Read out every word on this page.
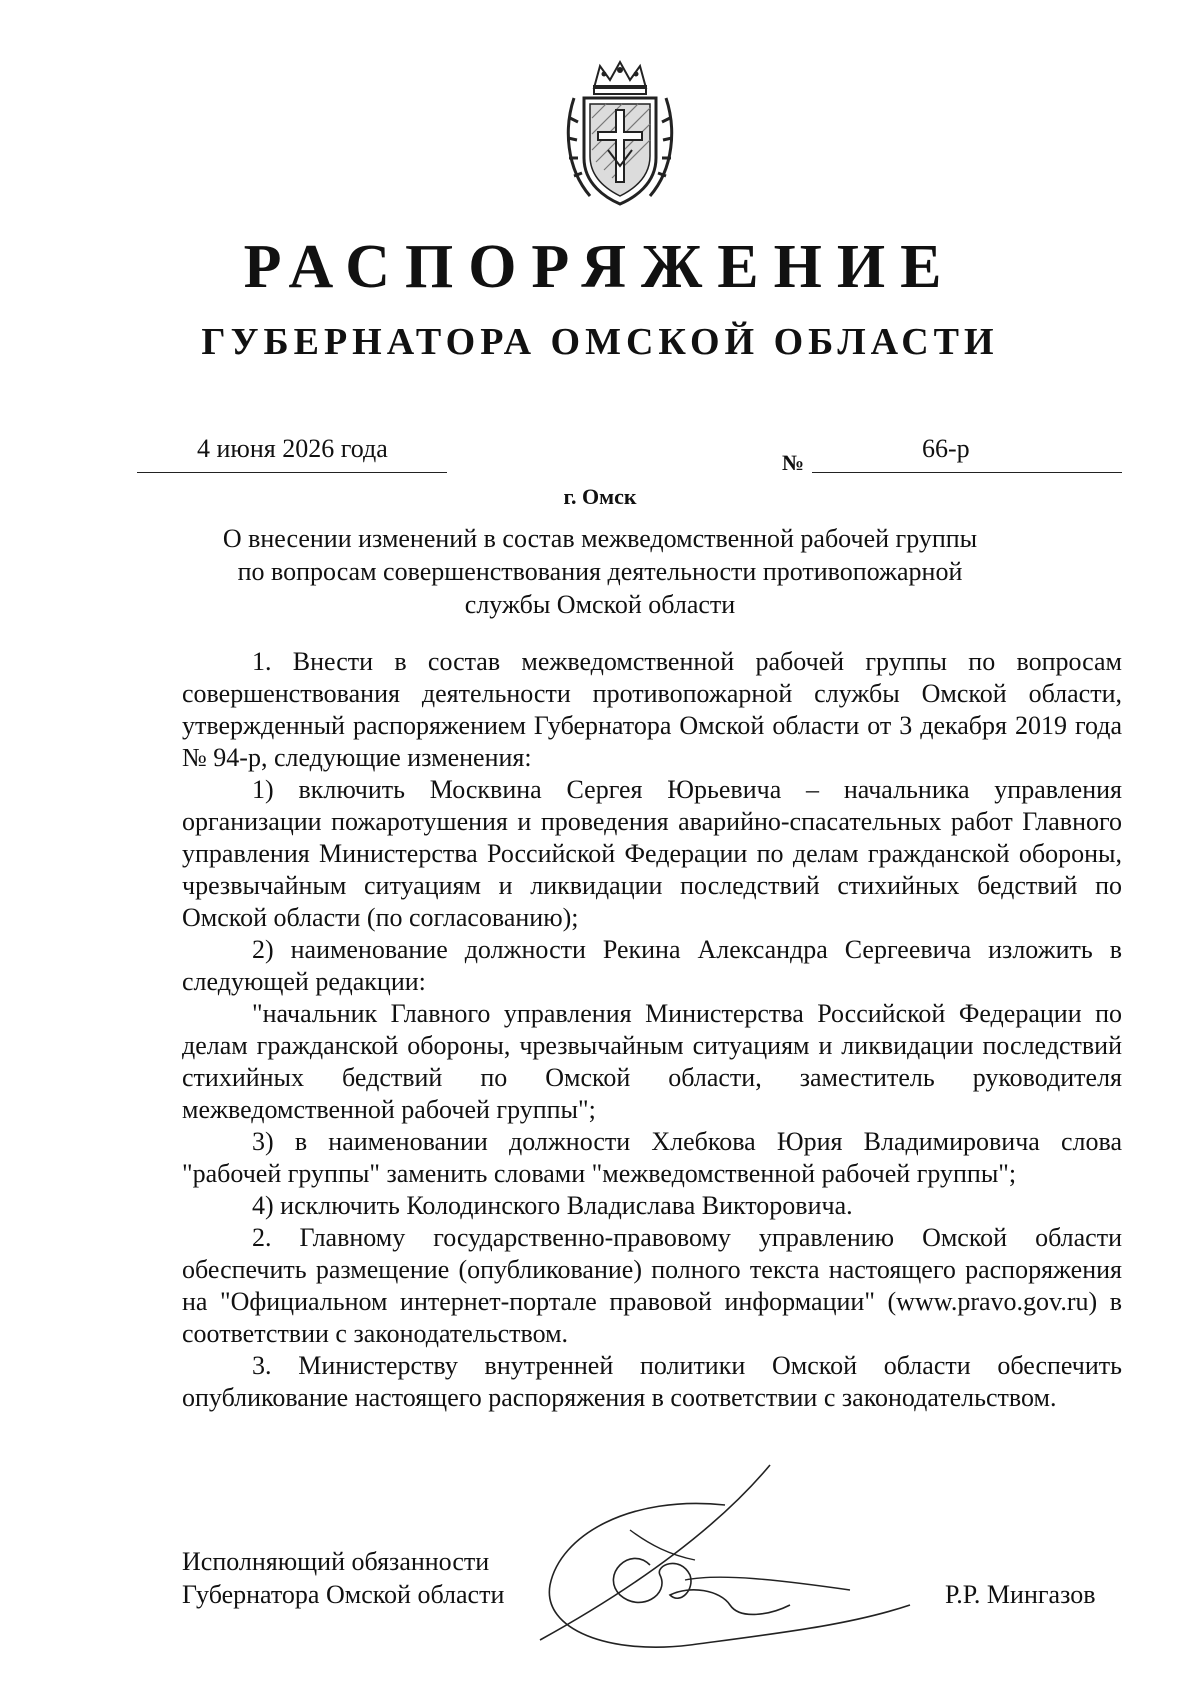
РАСПОРЯЖЕНИЕ
ГУБЕРНАТОРА ОМСКОЙ ОБЛАСТИ
4 июня 2026 года	№	66-р
г. Омск
О внесении изменений в состав межведомственной рабочей группы
по вопросам совершенствования деятельности противопожарной
службы Омской области

1. Внести в состав межведомственной рабочей группы по вопросам совершенствования деятельности противопожарной службы Омской области, утвержденный распоряжением Губернатора Омской области от 3 декабря 2019 года № 94-р, следующие изменения:

1) включить Москвина Сергея Юрьевича – начальника управления организации пожаротушения и проведения аварийно-спасательных работ Главного управления Министерства Российской Федерации по делам гражданской обороны, чрезвычайным ситуациям и ликвидации последствий стихийных бедствий по Омской области (по согласованию);

2) наименование должности Рекина Александра Сергеевича изложить в следующей редакции:

"начальник Главного управления Министерства Российской Федерации по делам гражданской обороны, чрезвычайным ситуациям и ликвидации последствий стихийных бедствий по Омской области, заместитель руководителя межведомственной рабочей группы";

3) в наименовании должности Хлебкова Юрия Владимировича слова "рабочей группы" заменить словами "межведомственной рабочей группы";

4) исключить Колодинского Владислава Викторовича.

2. Главному государственно-правовому управлению Омской области обеспечить размещение (опубликование) полного текста настоящего распоряжения на "Официальном интернет-портале правовой информации" (www.pravo.gov.ru) в соответствии с законодательством.

3. Министерству внутренней политики Омской области обеспечить опубликование настоящего распоряжения в соответствии с законодательством.

Исполняющий обязанности
Губернатора Омской области	Р.Р. Мингазов
